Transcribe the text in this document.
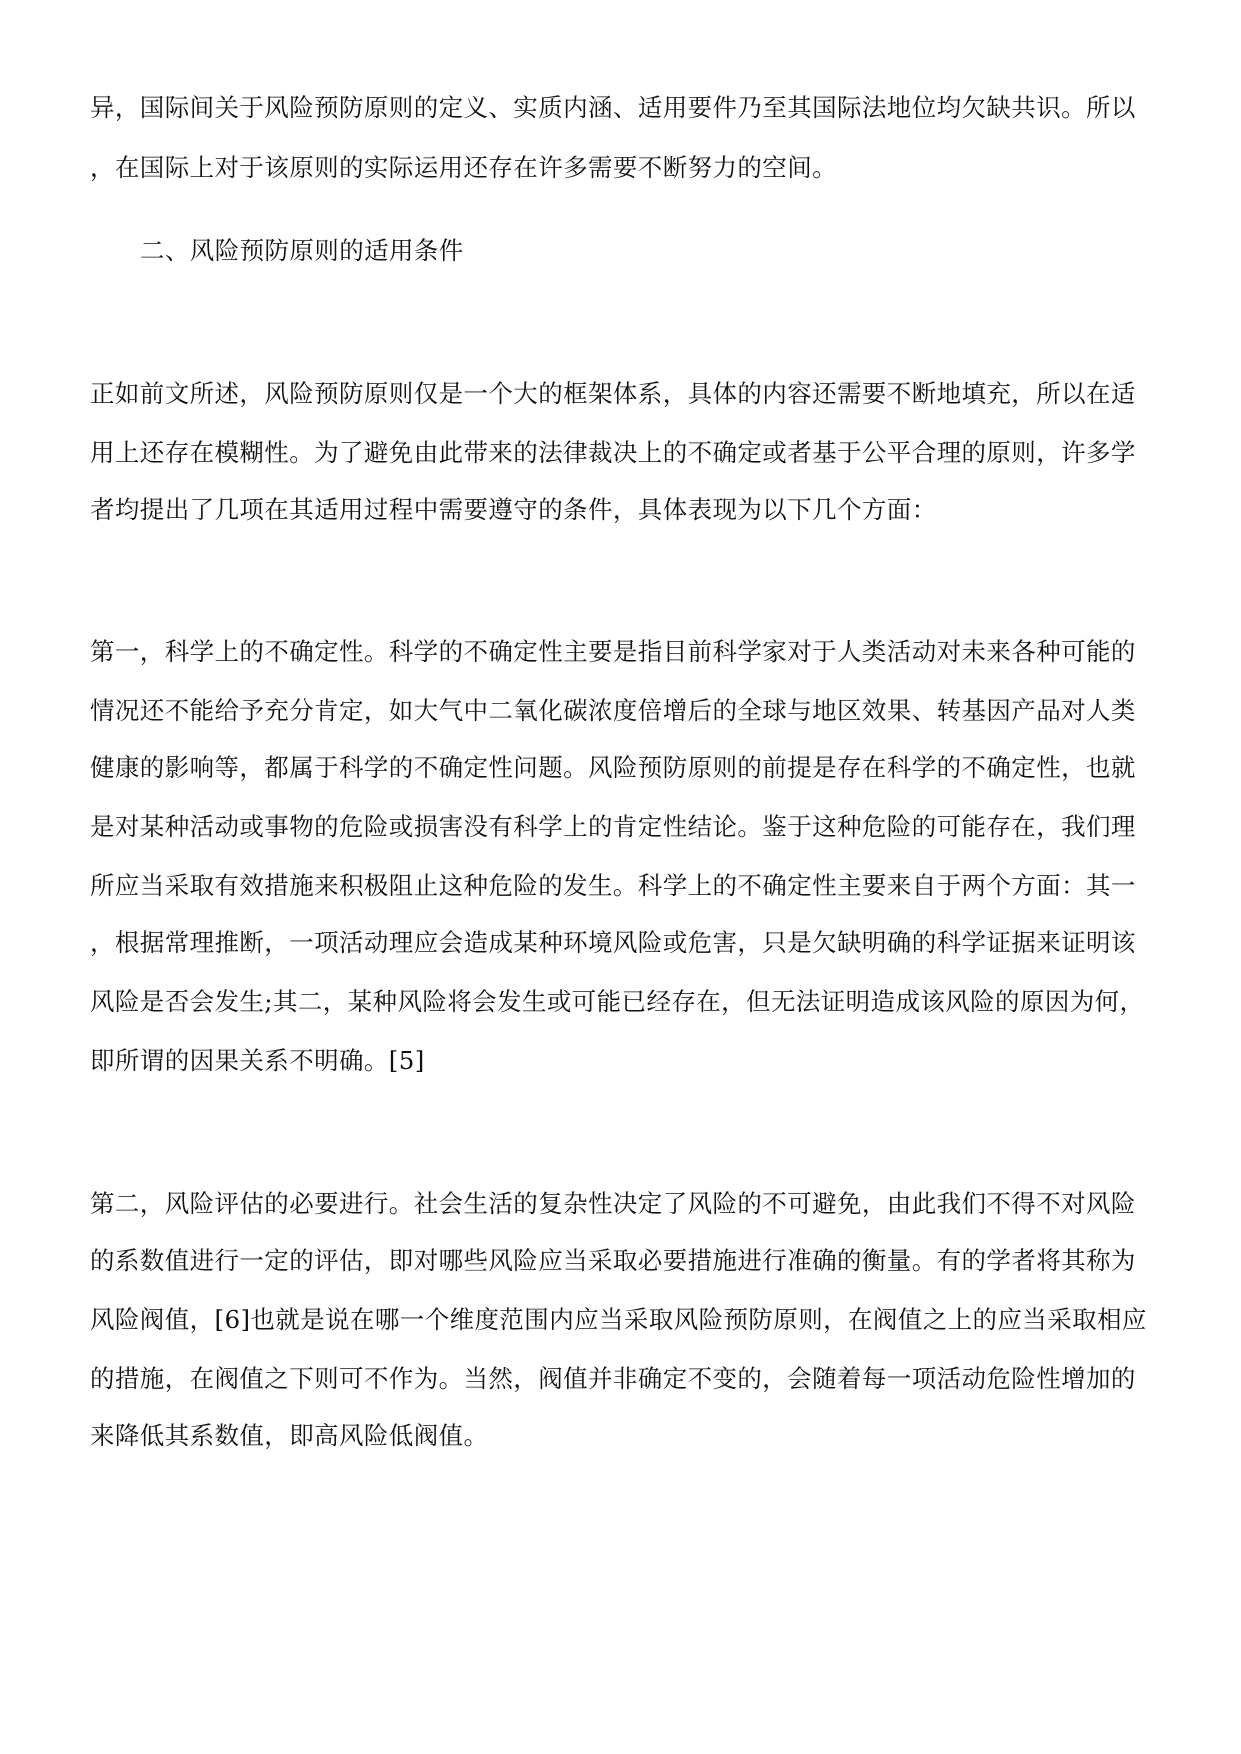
异，国际间关于风险预防原则的定义、实质内涵、适用要件乃至其国际法地位均欠缺共识。所以
，在国际上对于该原则的实际运用还存在许多需要不断努力的空间。
二、风险预防原则的适用条件
正如前文所述，风险预防原则仅是一个大的框架体系，具体的内容还需要不断地填充，所以在适
用上还存在模糊性。为了避免由此带来的法律裁决上的不确定或者基于公平合理的原则，许多学
者均提出了几项在其适用过程中需要遵守的条件，具体表现为以下几个方面：
第一，科学上的不确定性。科学的不确定性主要是指目前科学家对于人类活动对未来各种可能的
情况还不能给予充分肯定，如大气中二氧化碳浓度倍增后的全球与地区效果、转基因产品对人类
健康的影响等，都属于科学的不确定性问题。风险预防原则的前提是存在科学的不确定性，也就
是对某种活动或事物的危险或损害没有科学上的肯定性结论。鉴于这种危险的可能存在，我们理
所应当采取有效措施来积极阻止这种危险的发生。科学上的不确定性主要来自于两个方面：其一
，根据常理推断，一项活动理应会造成某种环境风险或危害，只是欠缺明确的科学证据来证明该
风险是否会发生;其二，某种风险将会发生或可能已经存在，但无法证明造成该风险的原因为何，
即所谓的因果关系不明确。[5]
第二，风险评估的必要进行。社会生活的复杂性决定了风险的不可避免，由此我们不得不对风险
的系数值进行一定的评估，即对哪些风险应当采取必要措施进行准确的衡量。有的学者将其称为
风险阀值，[6]也就是说在哪一个维度范围内应当采取风险预防原则，在阀值之上的应当采取相应
的措施，在阀值之下则可不作为。当然，阀值并非确定不变的，会随着每一项活动危险性增加的
来降低其系数值，即高风险低阀值。
